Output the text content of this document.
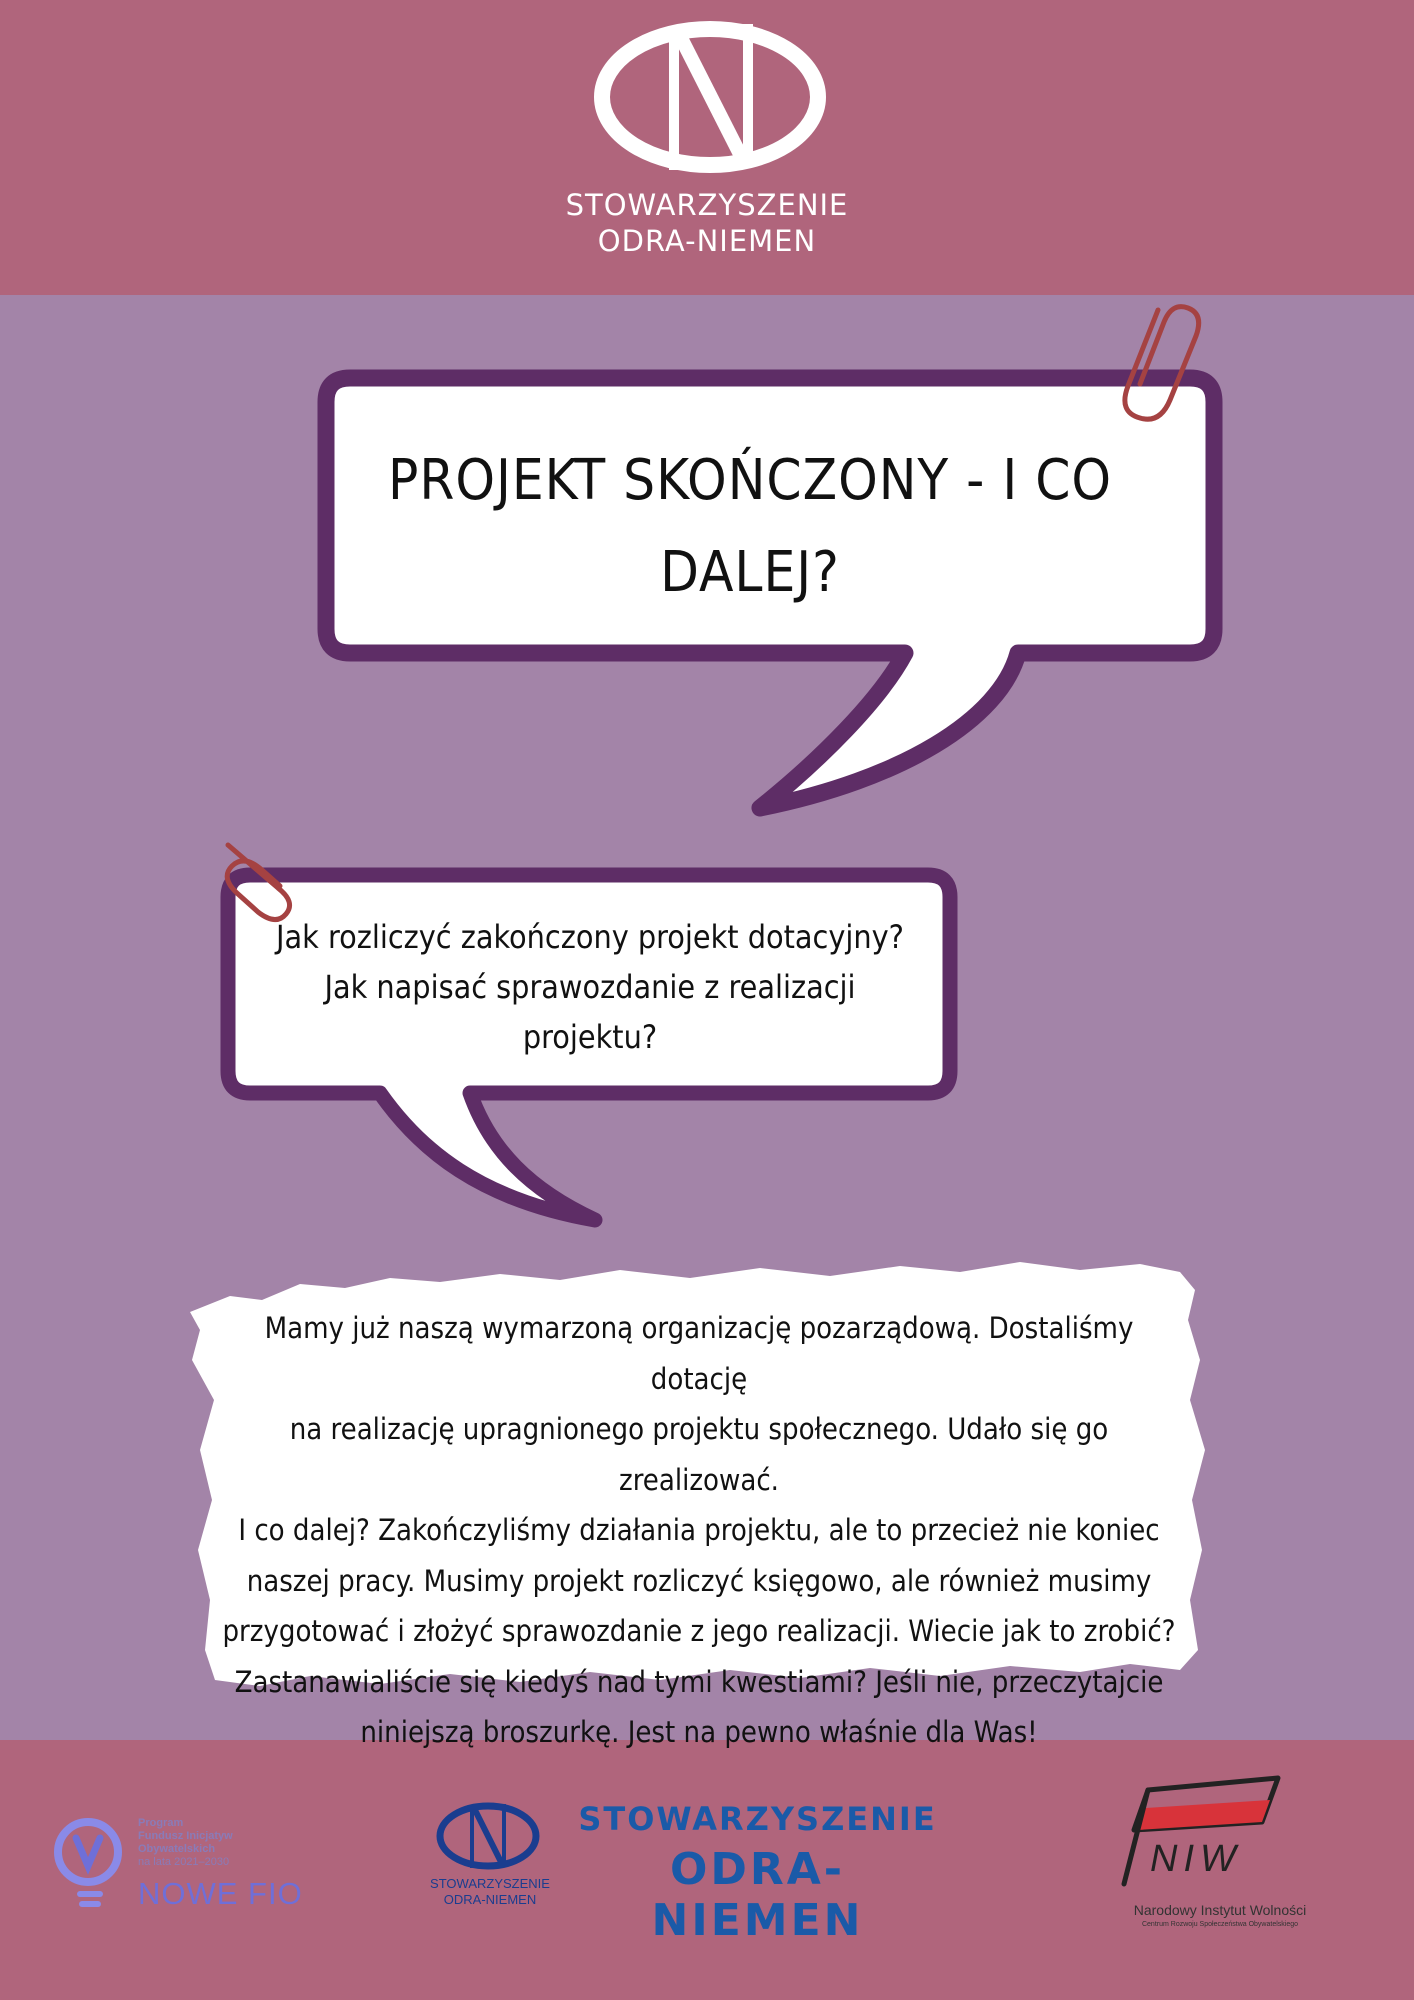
STOWARZYSZENIE
ODRA-NIEMEN
PROJEKT SKOŃCZONY - I CO
DALEJ?
Jak rozliczyć zakończony projekt dotacyjny?
Jak napisać sprawozdanie z realizacji
projektu?
Mamy już naszą wymarzoną organizację pozarządową. Dostaliśmy dotację
na realizację upragnionego projektu społecznego. Udało się go zrealizować.
I co dalej? Zakończyliśmy działania projektu, ale to przecież nie koniec
naszej pracy. Musimy projekt rozliczyć księgowo, ale również musimy
przygotować i złożyć sprawozdanie z jego realizacji. Wiecie jak to zrobić?
Zastanawialiście się kiedyś nad tymi kwestiami? Jeśli nie, przeczytajcie
niniejszą broszurkę. Jest na pewno właśnie dla Was!
Program
Fundusz Inicjatyw
Obywatelskich
na lata 2021–2030
NOWE FIO	STOWARZYSZENIE
ODRA-NIEMEN
STOWARZYSZENIE
ODRA- NIEMEN
NIW
Narodowy Instytut Wolności
Centrum Rozwoju Społeczeństwa Obywatelskiego
